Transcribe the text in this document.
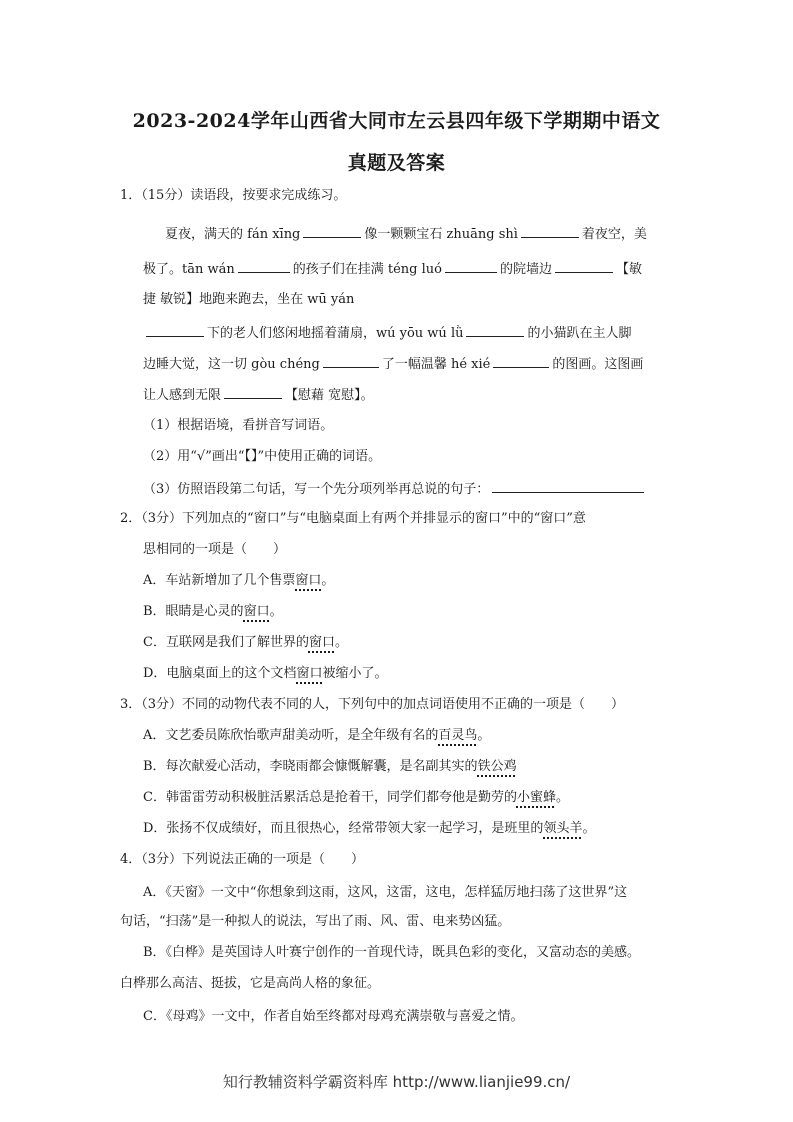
2023-2024学年山西省大同市左云县四年级下学期期中语文
真题及答案
1．（15分）读语段，按要求完成练习。
夏夜，满天的 fán xīng	像一颗颗宝石 zhuāng shì	着夜空，美
极了。tān wán	的孩子们在挂满 téng luó	的院墙边	【敏
捷 敏锐】地跑来跑去，坐在 wū yán
下的老人们悠闲地摇着蒲扇，wú yōu wú lǜ	的小猫趴在主人脚
边睡大觉，这一切 gòu chéng	了一幅温馨 hé xié	的图画。这图画
让人感到无限	【慰藉 宽慰】。
（1）根据语境，看拼音写词语。
（2）用“√”画出“【】”中使用正确的词语。
（3）仿照语段第二句话，写一个先分项列举再总说的句子：
2．（3分）下列加点的“窗口”与“电脑桌面上有两个并排显示的窗口”中的“窗口”意
思相同的一项是（　　）
A．车站新增加了几个售票窗口。
B．眼睛是心灵的窗口。
C．互联网是我们了解世界的窗口。
D．电脑桌面上的这个文档窗口被缩小了。
3．（3分）不同的动物代表不同的人，下列句中的加点词语使用不正确的一项是（　　）
A．文艺委员陈欣怡歌声甜美动听，是全年级有名的百灵鸟。
B．每次献爱心活动，李晓雨都会慷慨解囊，是名副其实的铁公鸡
C．韩雷雷劳动积极脏活累活总是抢着干，同学们都夸他是勤劳的小蜜蜂。
D．张扬不仅成绩好，而且很热心，经常带领大家一起学习，是班里的领头羊。
4．（3分）下列说法正确的一项是（　　）
A．《天窗》一文中“你想象到这雨，这风，这雷，这电，怎样猛厉地扫荡了这世界”这
句话，“扫荡”是一种拟人的说法，写出了雨、风、雷、电来势凶猛。
B．《白桦》是英国诗人叶赛宁创作的一首现代诗，既具色彩的变化，又富动态的美感。
白桦那么高洁、挺拔，它是高尚人格的象征。
C．《母鸡》一文中，作者自始至终都对母鸡充满崇敬与喜爱之情。
知行教辅资料学霸资料库 http://www.lianjie99.cn/
